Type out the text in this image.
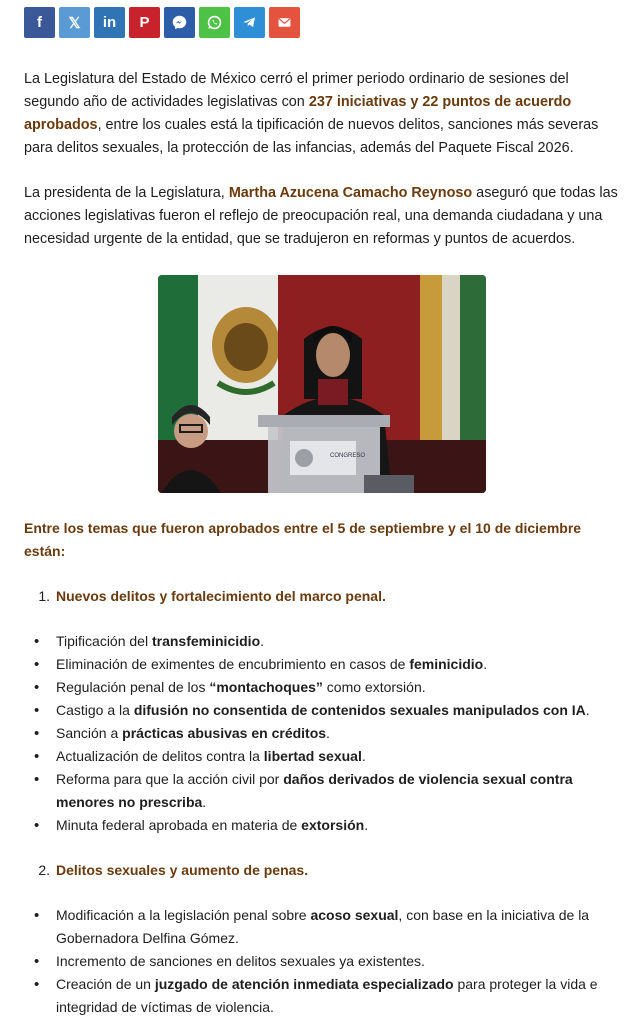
f 𝕏 in P

La Legislatura del Estado de México cerró el primer periodo ordinario de sesiones del segundo año de actividades legislativas con 237 iniciativas y 22 puntos de acuerdo aprobados, entre los cuales está la tipificación de nuevos delitos, sanciones más severas para delitos sexuales, la protección de las infancias, además del Paquete Fiscal 2026.

La presidenta de la Legislatura, Martha Azucena Camacho Reynoso aseguró que todas las acciones legislativas fueron el reflejo de preocupación real, una demanda ciudadana y una necesidad urgente de la entidad, que se tradujeron en reformas y puntos de acuerdos.

CONGRESO
Entre los temas que fueron aprobados entre el 5 de septiembre y el 10 de diciembre están:
1. Nuevos delitos y fortalecimiento del marco penal.
• Tipificación del transfeminicidio.
• Eliminación de eximentes de encubrimiento en casos de feminicidio.
• Regulación penal de los “montachoques” como extorsión.
• Castigo a la difusión no consentida de contenidos sexuales manipulados con IA.
• Sanción a prácticas abusivas en créditos.
• Actualización de delitos contra la libertad sexual.
• Reforma para que la acción civil por daños derivados de violencia sexual contra menores no prescriba.
• Minuta federal aprobada en materia de extorsión.
2. Delitos sexuales y aumento de penas.
• Modificación a la legislación penal sobre acoso sexual, con base en la iniciativa de la Gobernadora Delfina Gómez.
• Incremento de sanciones en delitos sexuales ya existentes.
• Creación de un juzgado de atención inmediata especializado para proteger la vida e integridad de víctimas de violencia.
